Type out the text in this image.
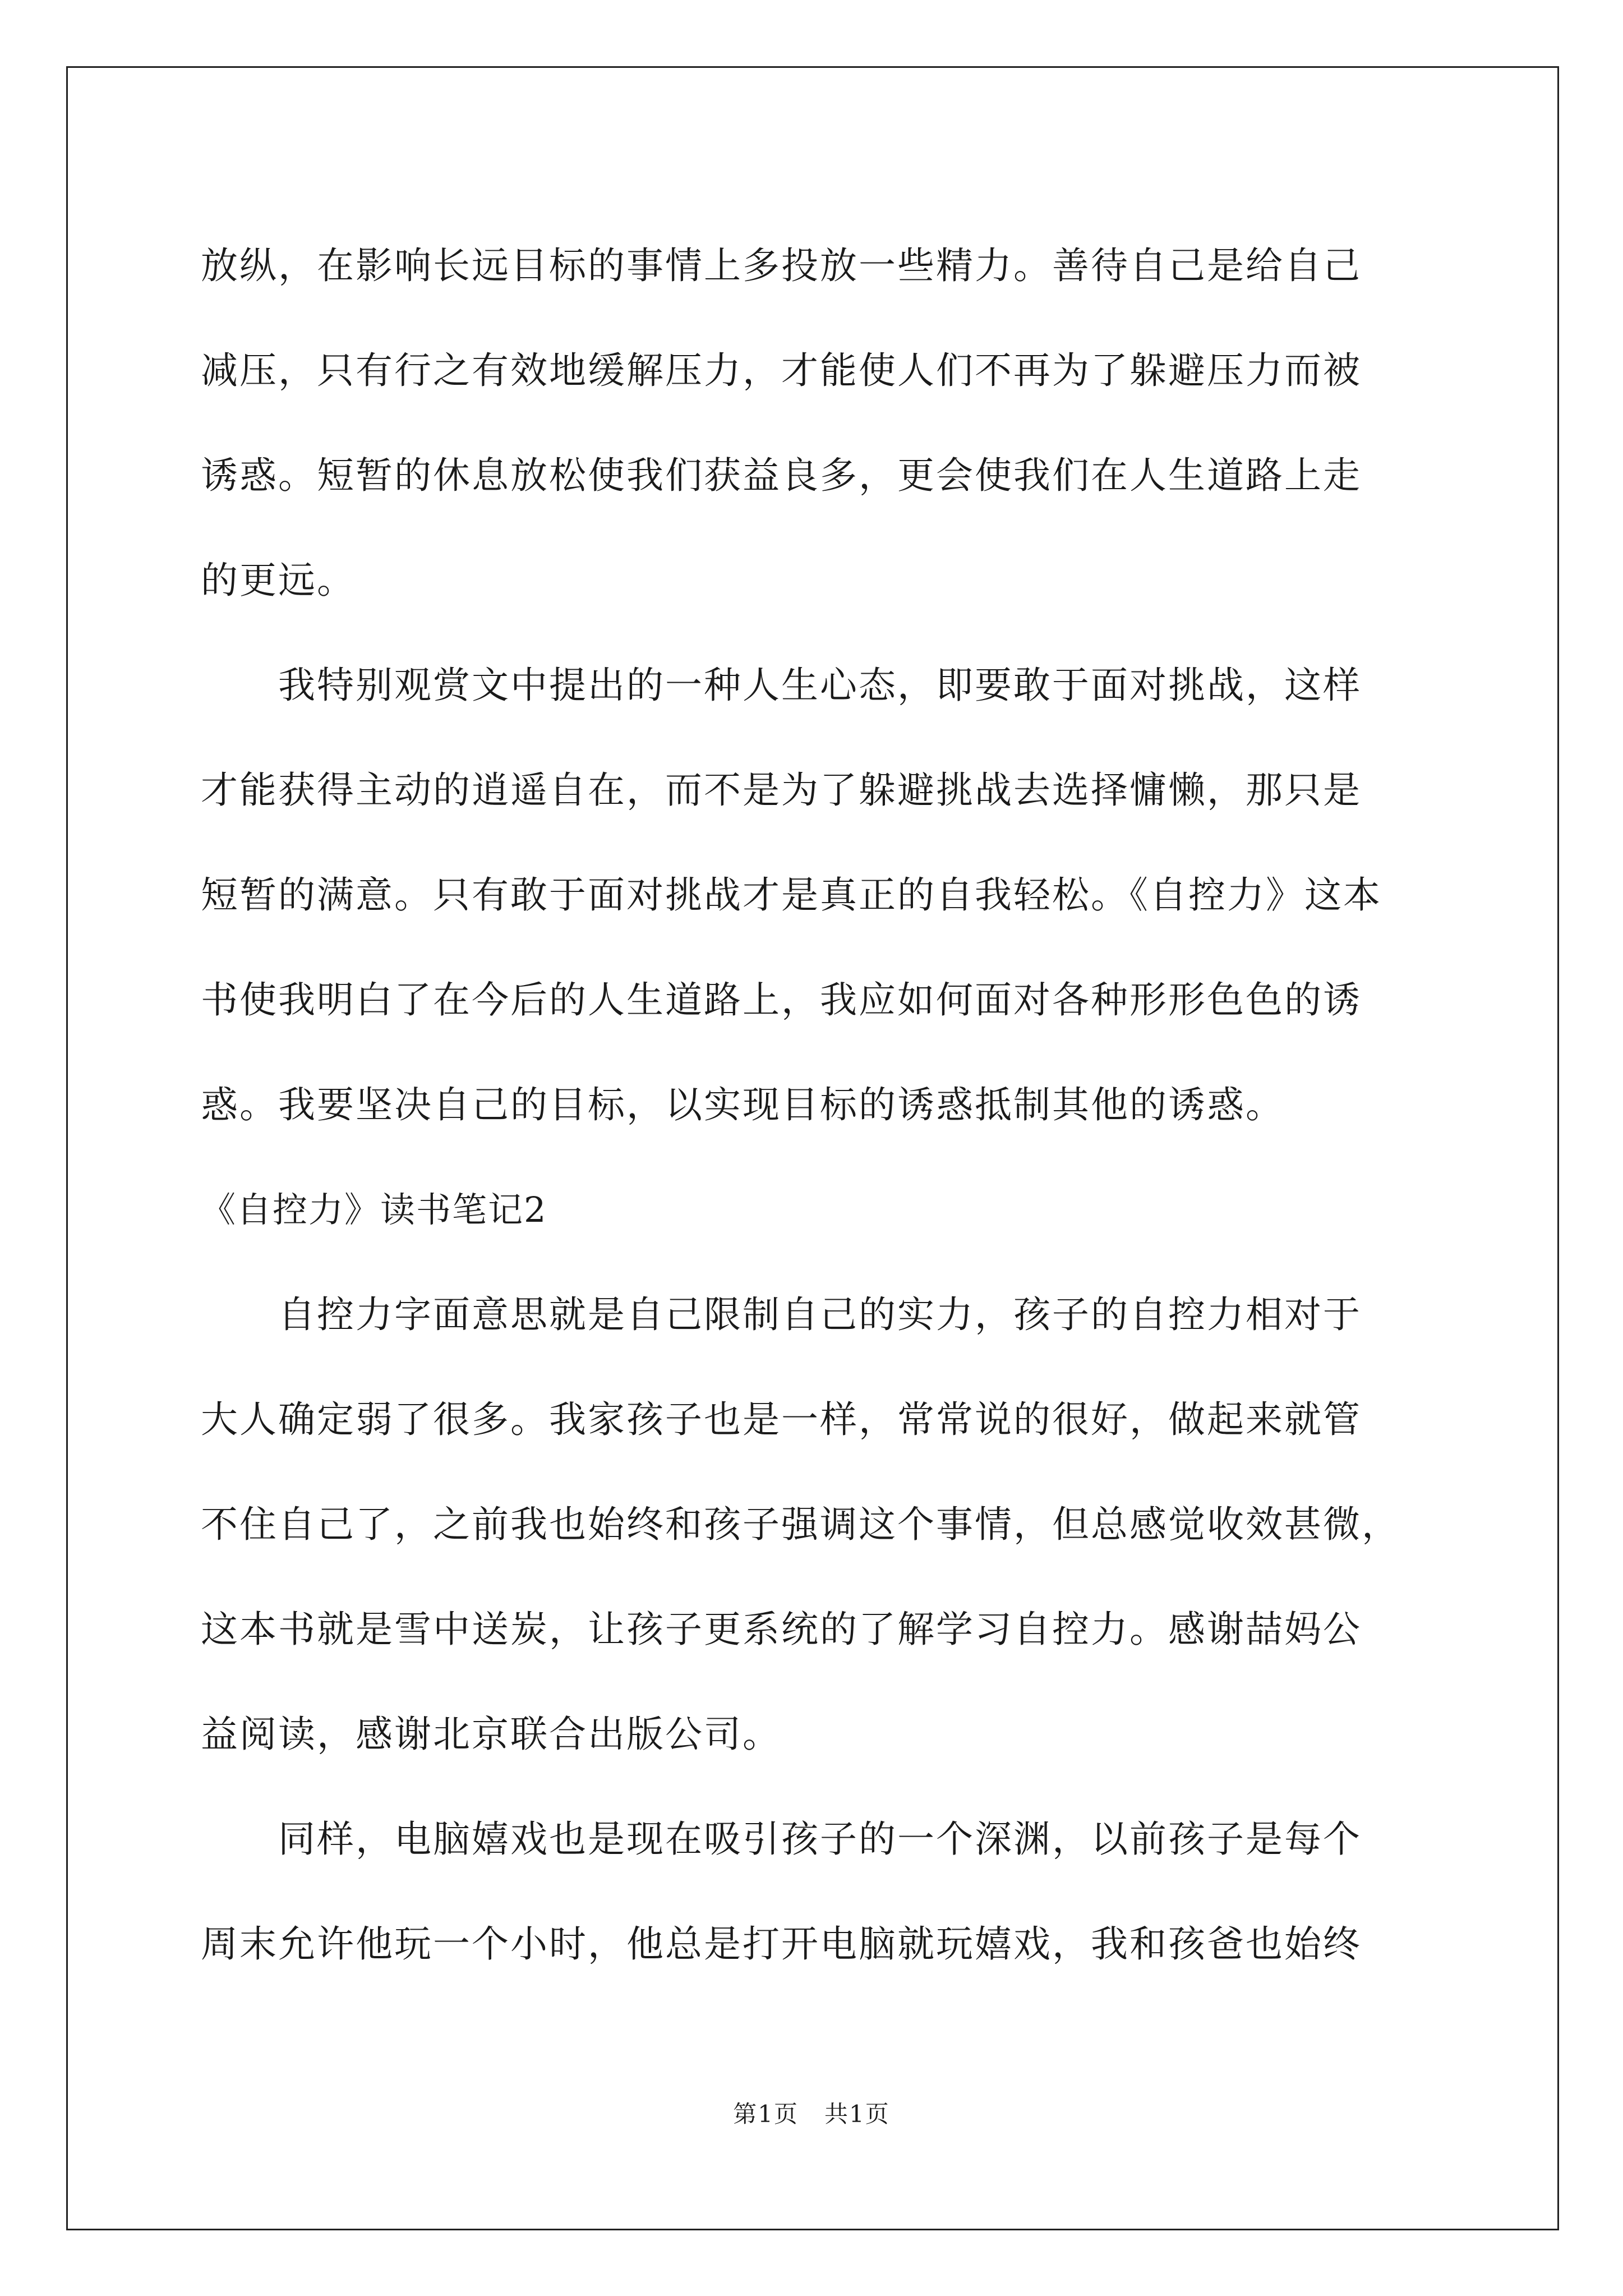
放纵，在影响长远目标的事情上多投放一些精力。善待自己是给自己
减压，只有行之有效地缓解压力，才能使人们不再为了躲避压力而被
诱惑。短暂的休息放松使我们获益良多，更会使我们在人生道路上走
的更远。
我特别观赏文中提出的一种人生心态，即要敢于面对挑战，这样
才能获得主动的逍遥自在，而不是为了躲避挑战去选择慵懒，那只是
短暂的满意。只有敢于面对挑战才是真正的自我轻松。《自控力》这本
书使我明白了在今后的人生道路上，我应如何面对各种形形色色的诱
惑。我要坚决自己的目标，以实现目标的诱惑抵制其他的诱惑。
《自控力》读书笔记2
自控力字面意思就是自己限制自己的实力，孩子的自控力相对于
大人确定弱了很多。我家孩子也是一样，常常说的很好，做起来就管
不住自己了，之前我也始终和孩子强调这个事情，但总感觉收效甚微，
这本书就是雪中送炭，让孩子更系统的了解学习自控力。感谢喆妈公
益阅读，感谢北京联合出版公司。
同样，电脑嬉戏也是现在吸引孩子的一个深渊，以前孩子是每个
周末允许他玩一个小时，他总是打开电脑就玩嬉戏，我和孩爸也始终
第1页   共1页
